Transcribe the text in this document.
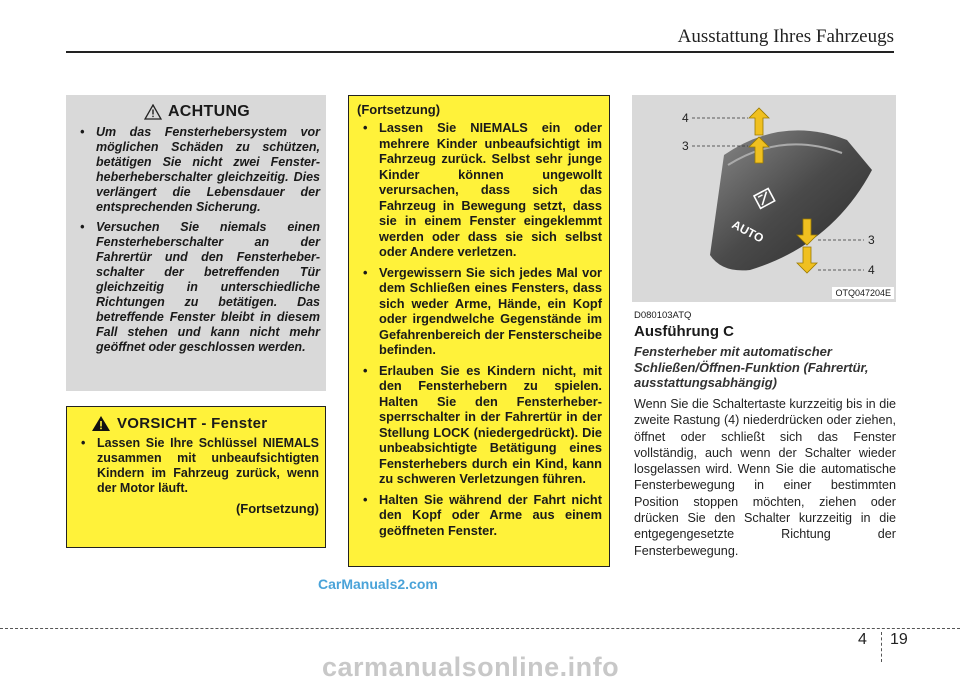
Ausstattung Ihres Fahrzeugs
ACHTUNG
• Um das Fensterhebersystem vor möglichen Schäden zu schützen, betätigen Sie nicht zwei Fenster-heberheberschalter gleichzeitig. Dies verlängert die Lebensdauer der entsprechenden Sicherung.
• Versuchen Sie niemals einen Fensterheberschalter an der Fahrertür und den Fensterheber-schalter der betreffenden Tür gleichzeitig in unterschiedliche Richtungen zu betätigen. Das betreffende Fenster bleibt in diesem Fall stehen und kann nicht mehr geöffnet oder geschlossen werden.
VORSICHT - Fenster
• Lassen Sie Ihre Schlüssel NIEMALS zusammen mit unbeaufsichtigten Kindern im Fahrzeug zurück, wenn der Motor läuft.
(Fortsetzung)
(Fortsetzung)
• Lassen Sie NIEMALS ein oder mehrere Kinder unbeaufsichtigt im Fahrzeug zurück. Selbst sehr junge Kinder können ungewollt verursachen, dass sich das Fahrzeug in Bewegung setzt, dass sie in einem Fenster eingeklemmt werden oder dass sie sich selbst oder Andere verletzen.
• Vergewissern Sie sich jedes Mal vor dem Schließen eines Fensters, dass sich weder Arme, Hände, ein Kopf oder irgendwelche Gegenstände im Gefahrenbereich der Fensterscheibe befinden.
• Erlauben Sie es Kindern nicht, mit den Fensterhebern zu spielen. Halten Sie den Fensterheber-sperrschalter in der Fahrertür in der Stellung LOCK (niedergedrückt). Die unbeabsichtigte Betätigung eines Fensterhebers durch ein Kind, kann zu schweren Verletzungen führen.
• Halten Sie während der Fahrt nicht den Kopf oder Arme aus einem geöffneten Fenster.
AUTO
4
3
3
4
OTQ047204E
D080103ATQ
Ausführung C
Fensterheber mit automatischer Schließen/Öffnen-Funktion (Fahrertür, ausstattungsabhängig)
Wenn Sie die Schaltertaste kurzzeitig bis in die zweite Rastung (4) niederdrücken oder ziehen, öffnet oder schließt sich das Fenster vollständig, auch wenn der Schalter wieder losgelassen wird. Wenn Sie die automatische Fensterbewegung in einer bestimmten Position stoppen möchten, ziehen oder drücken Sie den Schalter kurzzeitig in die entgegengesetzte Richtung der Fensterbewegung.
CarManuals2.com
4 19
carmanualsonline.info
